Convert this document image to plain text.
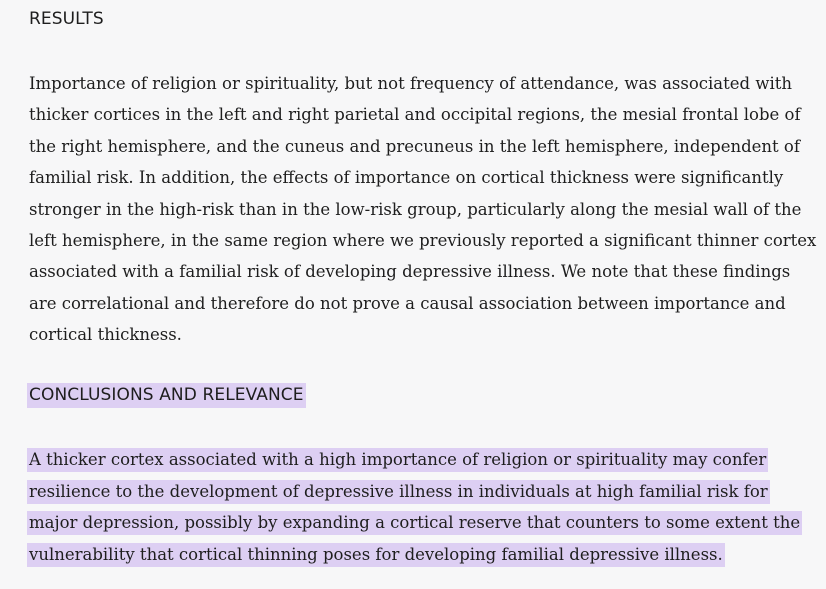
RESULTS
Importance of religion or spirituality, but not frequency of attendance, was associated with
thicker cortices in the left and right parietal and occipital regions, the mesial frontal lobe of
the right hemisphere, and the cuneus and precuneus in the left hemisphere, independent of
familial risk. In addition, the effects of importance on cortical thickness were significantly
stronger in the high-risk than in the low-risk group, particularly along the mesial wall of the
left hemisphere, in the same region where we previously reported a significant thinner cortex
associated with a familial risk of developing depressive illness. We note that these findings
are correlational and therefore do not prove a causal association between importance and
cortical thickness.
CONCLUSIONS AND RELEVANCE
A thicker cortex associated with a high importance of religion or spirituality may confer
resilience to the development of depressive illness in individuals at high familial risk for
major depression, possibly by expanding a cortical reserve that counters to some extent the
vulnerability that cortical thinning poses for developing familial depressive illness.
